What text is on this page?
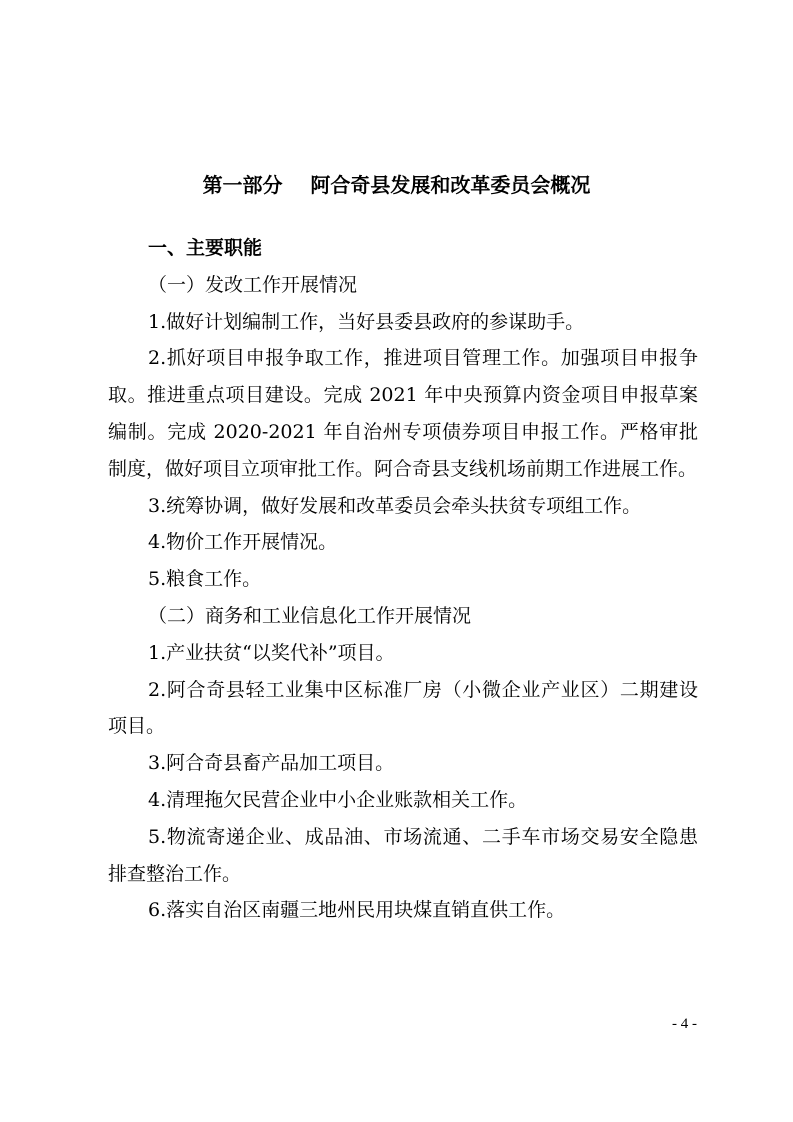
第一部分    阿合奇县发展和改革委员会概况

一、主要职能

（一）发改工作开展情况

1.做好计划编制工作，当好县委县政府的参谋助手。

2.抓好项目申报争取工作，推进项目管理工作。加强项目申报争取。推进重点项目建设。完成 2021 年中央预算内资金项目申报草案编制。完成 2020-2021 年自治州专项债券项目申报工作。严格审批制度，做好项目立项审批工作。阿合奇县支线机场前期工作进展工作。

3.统筹协调，做好发展和改革委员会牵头扶贫专项组工作。

4.物价工作开展情况。

5.粮食工作。

（二）商务和工业信息化工作开展情况

1.产业扶贫“以奖代补”项目。

2.阿合奇县轻工业集中区标准厂房（小微企业产业区）二期建设项目。

3.阿合奇县畜产品加工项目。

4.清理拖欠民营企业中小企业账款相关工作。

5.物流寄递企业、成品油、市场流通、二手车市场交易安全隐患排查整治工作。

6.落实自治区南疆三地州民用块煤直销直供工作。

- 4 -
